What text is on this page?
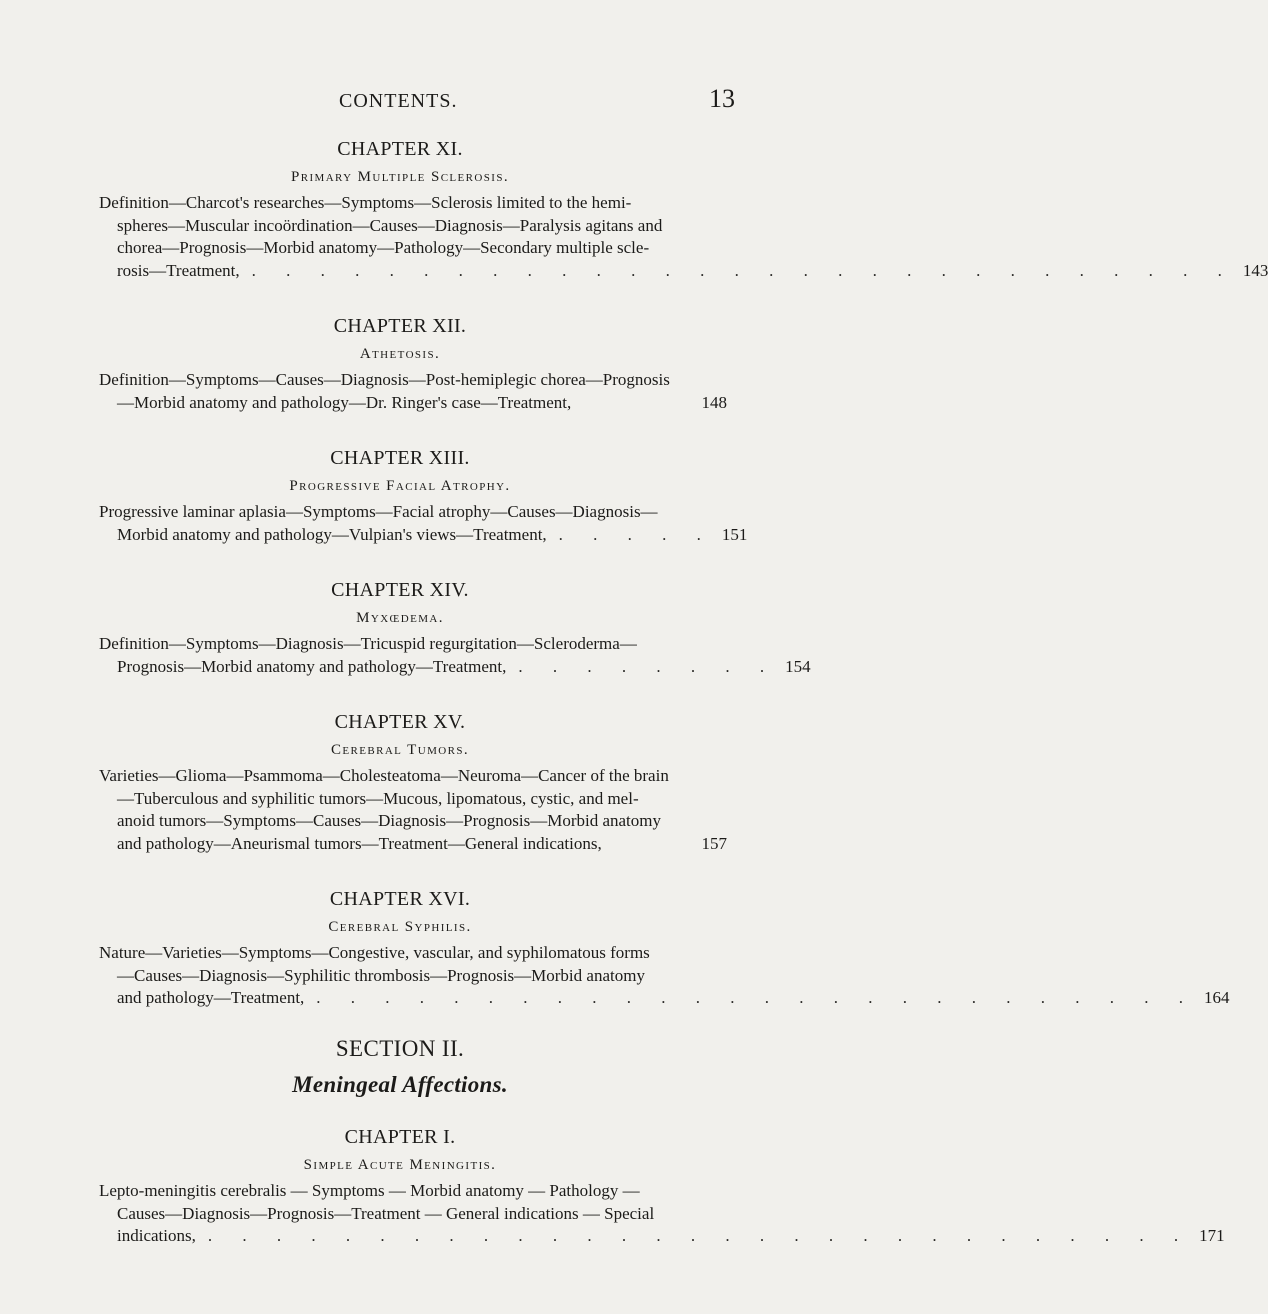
CONTENTS.	13
CHAPTER XI.
Primary Multiple Sclerosis.
Definition—Charcot's researches—Symptoms—Sclerosis limited to the hemi-
spheres—Muscular incoördination—Causes—Diagnosis—Paralysis agitans and
chorea—Prognosis—Morbid anatomy—Pathology—Secondary multiple scle-
rosis—Treatment, . . . . . . . . . . . . . . . . . . . . . . . . . . . . . 143
CHAPTER XII.
Athetosis.
Definition—Symptoms—Causes—Diagnosis—Post-hemiplegic chorea—Prognosis
—Morbid anatomy and pathology—Dr. Ringer's case—Treatment,	148
CHAPTER XIII.
Progressive Facial Atrophy.
Progressive laminar aplasia—Symptoms—Facial atrophy—Causes—Diagnosis—
Morbid anatomy and pathology—Vulpian's views—Treatment, . . . . . 151
CHAPTER XIV.
Myxœdema.
Definition—Symptoms—Diagnosis—Tricuspid regurgitation—Scleroderma—
Prognosis—Morbid anatomy and pathology—Treatment, . . . . . . . . 154
CHAPTER XV.
Cerebral Tumors.
Varieties—Glioma—Psammoma—Cholesteatoma—Neuroma—Cancer of the brain
—Tuberculous and syphilitic tumors—Mucous, lipomatous, cystic, and mel-
anoid tumors—Symptoms—Causes—Diagnosis—Prognosis—Morbid anatomy
and pathology—Aneurismal tumors—Treatment—General indications,	157
CHAPTER XVI.
Cerebral Syphilis.
Nature—Varieties—Symptoms—Congestive, vascular, and syphilomatous forms
—Causes—Diagnosis—Syphilitic thrombosis—Prognosis—Morbid anatomy
and pathology—Treatment, . . . . . . . . . . . . . . . . . . . . . . . . . . 164
SECTION II.
Meningeal Affections.
CHAPTER I.
Simple Acute Meningitis.
Lepto-meningitis cerebralis — Symptoms — Morbid anatomy — Pathology —
Causes—Diagnosis—Prognosis—Treatment — General indications — Special
indications, . . . . . . . . . . . . . . . . . . . . . . . . . . . . . 171
